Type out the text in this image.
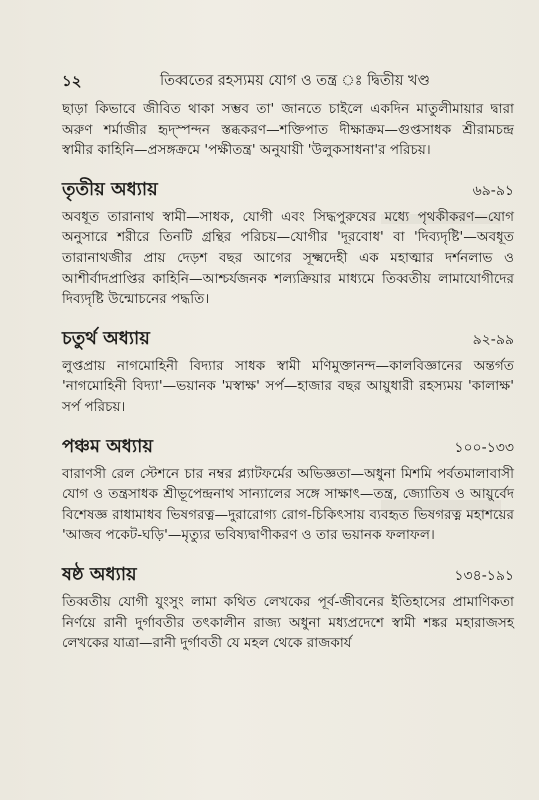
১২	তিব্বতের রহস্যময় যোগ ও তন্ত্র ঃ দ্বিতীয় খণ্ড

ছাড়া কিভাবে জীবিত থাকা সম্ভব তা' জানতে চাইলে একদিন মাতুলীমায়ার দ্বারা অরুণ শর্মাজীর হৃদ্‌স্পন্দন স্তব্ধকরণ—শক্তিপাত দীক্ষাক্রম—গুপ্তসাধক শ্রীরামচন্দ্র স্বামীর কাহিনি—প্রসঙ্গক্রমে 'পক্ষীতন্ত্র' অনুযায়ী 'উলুকসাধনা'র পরিচয়।

তৃতীয় অধ্যায়	৬৯-৯১

অবধূত তারানাথ স্বামী—সাধক, যোগী এবং সিদ্ধপুরুষের মধ্যে পৃথকীকরণ—যোগ অনুসারে শরীরে তিনটি গ্রন্থির পরিচয়—যোগীর 'দূরবোধ' বা 'দিব্যদৃষ্টি'—অবধূত তারানাথজীর প্রায় দেড়শ বছর আগের সূক্ষ্মদেহী এক মহাত্মার দর্শনলাভ ও আশীর্বাদপ্রাপ্তির কাহিনি—আশ্চর্যজনক শল্যক্রিয়ার মাধ্যমে তিব্বতীয় লামাযোগীদের দিব্যদৃষ্টি উন্মোচনের পদ্ধতি।

চতুর্থ অধ্যায়	৯২-৯৯

লুপ্তপ্রায় নাগমোহিনী বিদ্যার সাধক স্বামী মণিমুক্তানন্দ—কালবিজ্ঞানের অন্তর্গত 'নাগমোহিনী বিদ্যা'—ভয়ানক 'মস্বাক্ষ' সর্প—হাজার বছর আয়ুধারী রহস্যময় 'কালাক্ষ' সর্প পরিচয়।

পঞ্চম অধ্যায়	১০০-১৩৩

বারাণসী রেল স্টেশনে চার নম্বর প্ল্যাটফর্মের অভিজ্ঞতা—অধুনা মিশমি পর্বতমালাবাসী যোগ ও তন্ত্রসাধক শ্রীভূপেন্দ্রনাথ সান্যালের সঙ্গে সাক্ষাৎ—তন্ত্র, জ্যোতিষ ও আয়ুর্বেদ বিশেষজ্ঞ রাধামাধব ভিষগরত্ন—দুরারোগ্য রোগ-চিকিৎসায় ব্যবহৃত ভিষগরত্ন মহাশয়ের 'আজব পকেট-ঘড়ি'—মৃত্যুর ভবিষ্যদ্বাণীকরণ ও তার ভয়ানক ফলাফল।

ষষ্ঠ অধ্যায়	১৩৪-১৯১

তিব্বতীয় যোগী যুংসুং লামা কথিত লেখকের পূর্ব-জীবনের ইতিহাসের প্রামাণিকতা নির্ণয়ে রানী দুর্গাবতীর তৎকালীন রাজ্য অধুনা মধ্যপ্রদেশে স্বামী শঙ্কর মহারাজসহ লেখকের যাত্রা—রানী দুর্গাবতী যে মহল থেকে রাজকার্য
